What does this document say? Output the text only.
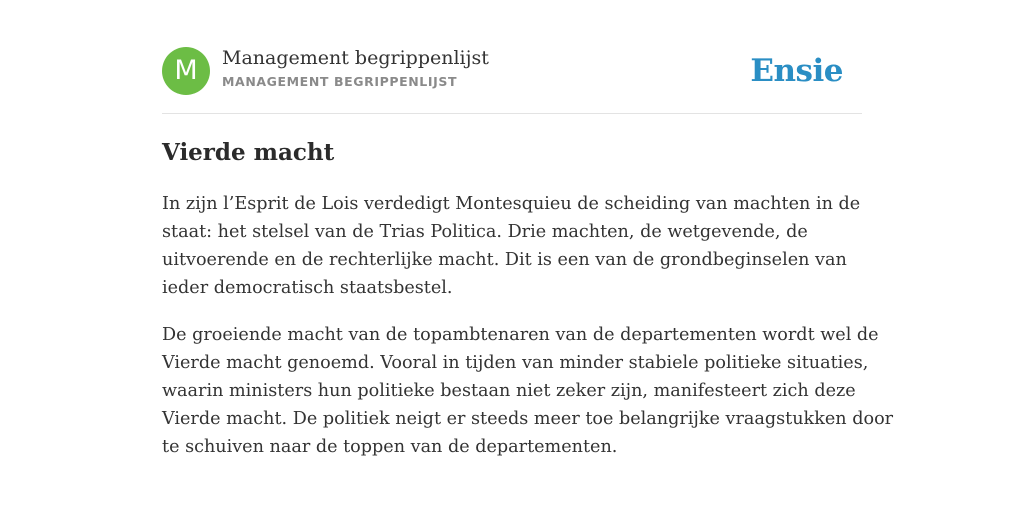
M	Management begrippenlijst
MANAGEMENT BEGRIPPENLIJST	Ensie
Vierde macht

In zijn l’Esprit de Lois verdedigt Montesquieu de scheiding van machten in de
staat: het stelsel van de Trias Politica. Drie machten, de wetgevende, de
uitvoerende en de rechterlijke macht. Dit is een van de grondbeginselen van
ieder democratisch staatsbestel.

De groeiende macht van de topambtenaren van de departementen wordt wel de
Vierde macht genoemd. Vooral in tijden van minder stabiele politieke situaties,
waarin ministers hun politieke bestaan niet zeker zijn, manifesteert zich deze
Vierde macht. De politiek neigt er steeds meer toe belangrijke vraagstukken door
te schuiven naar de toppen van de departementen.
